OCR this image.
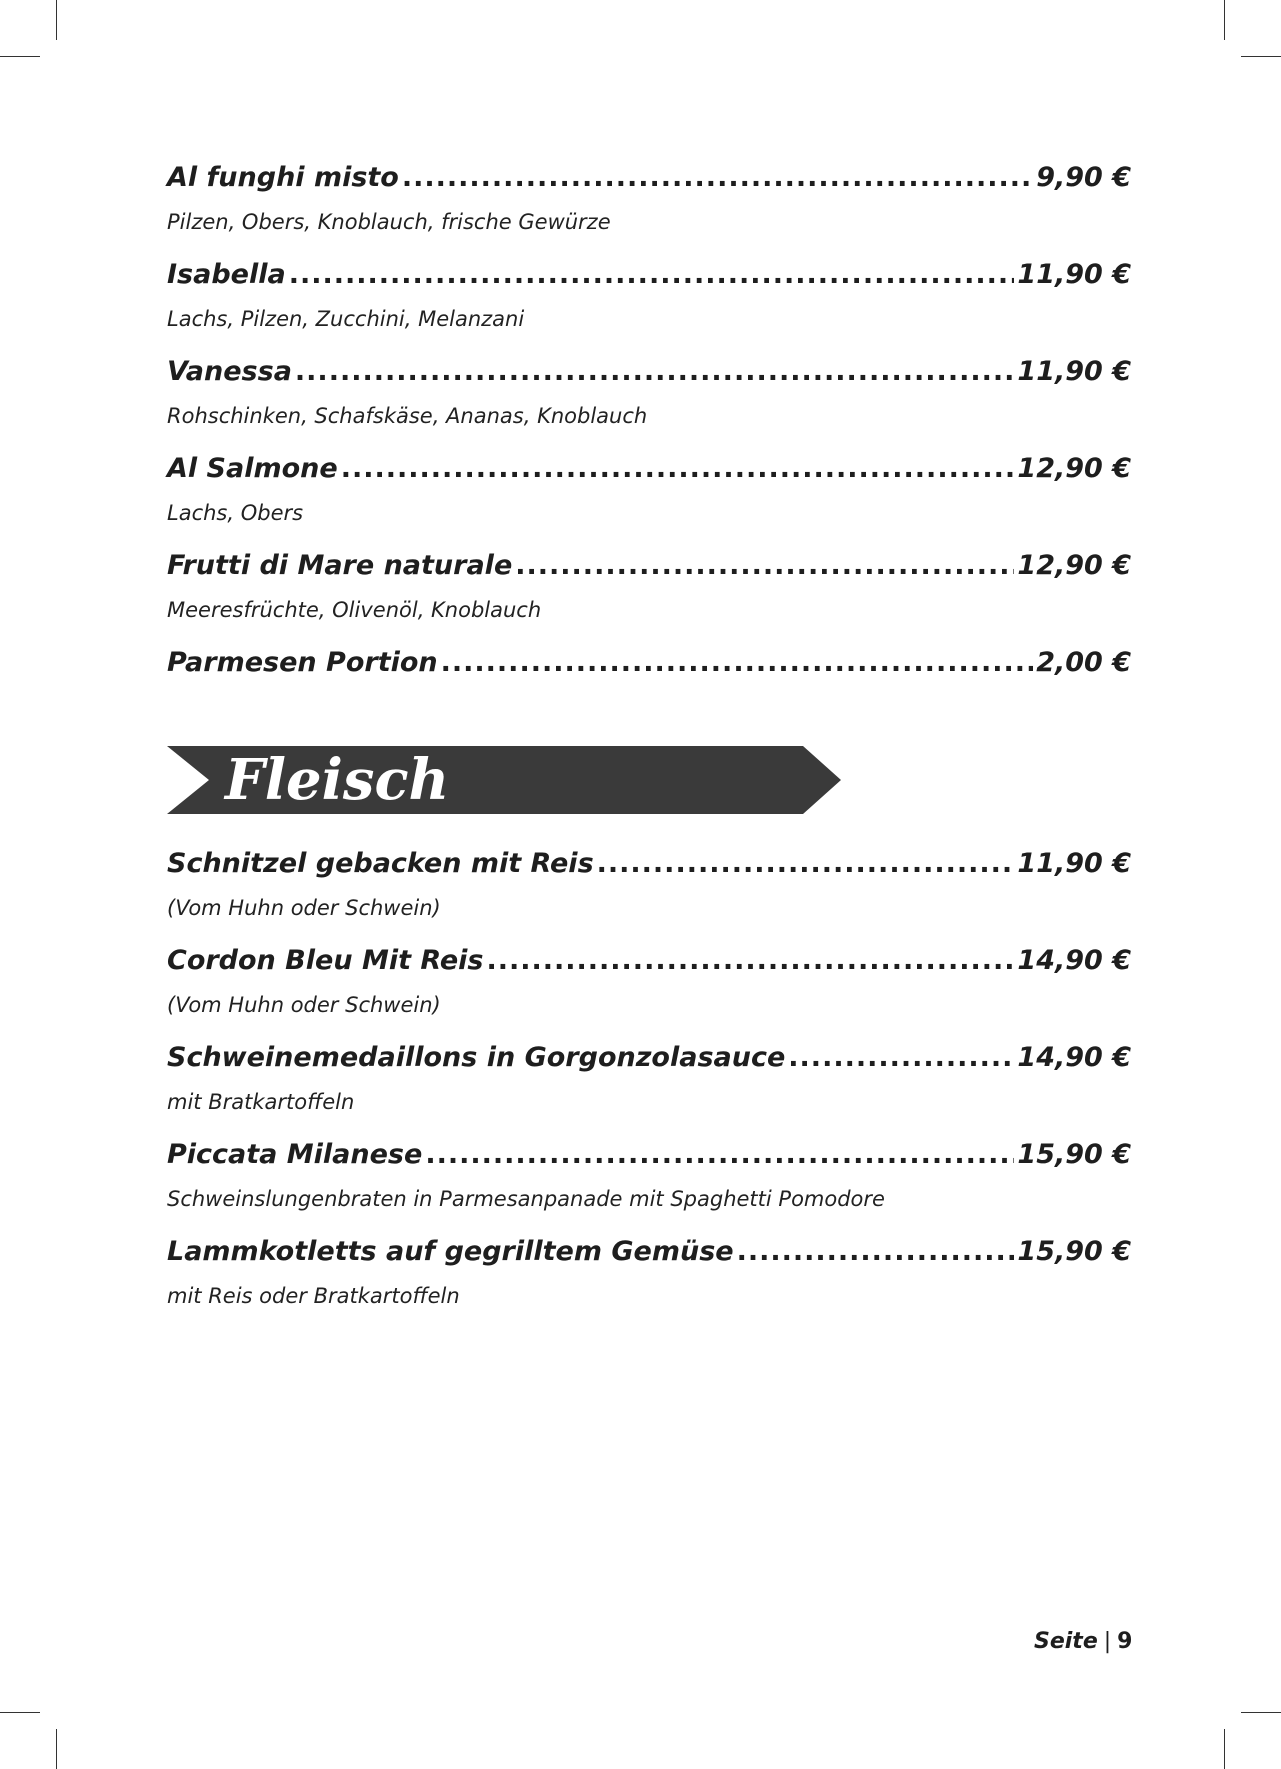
Al funghi misto .....	9,90 €
Pilzen, Obers, Knoblauch, frische Gewürze
Isabella .....	11,90 €
Lachs, Pilzen, Zucchini, Melanzani
Vanessa .....	11,90 €
Rohschinken, Schafskäse, Ananas, Knoblauch
Al Salmone .....	12,90 €
Lachs, Obers
Frutti di Mare naturale .....	12,90 €
Meeresfrüchte, Olivenöl, Knoblauch
Parmesen Portion .....	2,00 €
Fleisch
Schnitzel gebacken mit Reis .....	11,90 €
(Vom Huhn oder Schwein)
Cordon Bleu Mit Reis .....	14,90 €
(Vom Huhn oder Schwein)
Schweinemedaillons in Gorgonzolasauce .....	14,90 €
mit Bratkartoffeln
Piccata Milanese .....	15,90 €
Schweinslungenbraten in Parmesanpanade mit Spaghetti Pomodore
Lammkotletts auf gegrilltem Gemüse .....	15,90 €
mit Reis oder Bratkartoffeln
Seite | 9
